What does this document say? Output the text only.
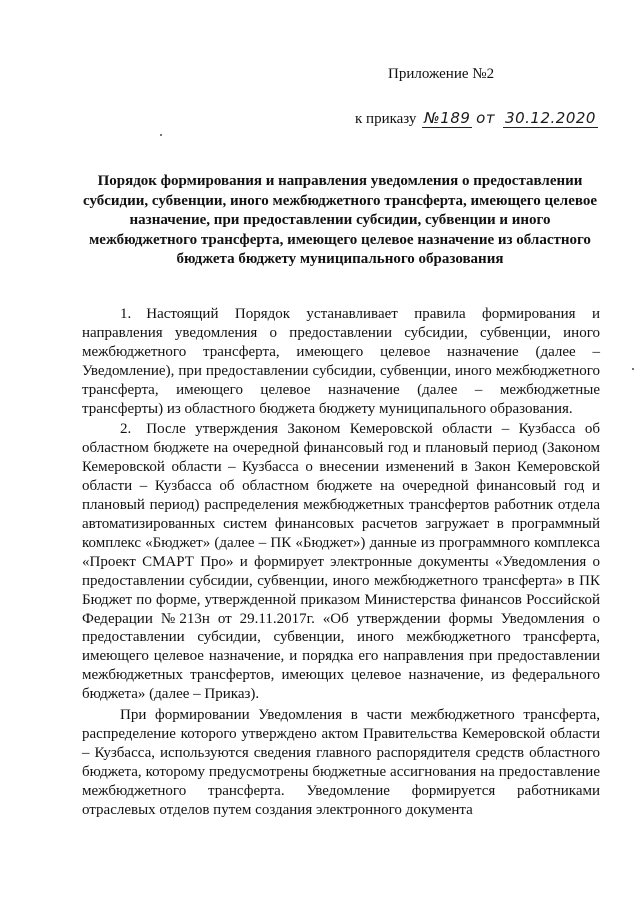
Приложение №2
к приказу №189 от 30.12.2020
Порядок формирования и направления уведомления о предоставлении субсидии, субвенции, иного межбюджетного трансферта, имеющего целевое назначение, при предоставлении субсидии, субвенции и иного межбюджетного трансферта, имеющего целевое назначение из областного бюджета бюджету муниципального образования

1. Настоящий Порядок устанавливает правила формирования и направления уведомления о предоставлении субсидии, субвенции, иного межбюджетного трансферта, имеющего целевое назначение (далее – Уведомление), при предоставлении субсидии, субвенции, иного межбюджетного трансферта, имеющего целевое назначение (далее – межбюджетные трансферты) из областного бюджета бюджету муниципального образования.

2. После утверждения Законом Кемеровской области – Кузбасса об областном бюджете на очередной финансовый год и плановый период (Законом Кемеровской области – Кузбасса о внесении изменений в Закон Кемеровской области – Кузбасса об областном бюджете на очередной финансовый год и плановый период) распределения межбюджетных трансфертов работник отдела автоматизированных систем финансовых расчетов загружает в программный комплекс «Бюджет» (далее – ПК «Бюджет») данные из программного комплекса «Проект СМАРТ Про» и формирует электронные документы «Уведомления о предоставлении субсидии, субвенции, иного межбюджетного трансферта» в ПК Бюджет по форме, утвержденной приказом Министерства финансов Российской Федерации №213н от 29.11.2017г. «Об утверждении формы Уведомления о предоставлении субсидии, субвенции, иного межбюджетного трансферта, имеющего целевое назначение, и порядка его направления при предоставлении межбюджетных трансфертов, имеющих целевое назначение, из федерального бюджета» (далее – Приказ).

При формировании Уведомления в части межбюджетного трансферта, распределение которого утверждено актом Правительства Кемеровской области – Кузбасса, используются сведения главного распорядителя средств областного бюджета, которому предусмотрены бюджетные ассигнования на предоставление межбюджетного трансферта. Уведомление формируется работниками отраслевых отделов путем создания электронного документа
